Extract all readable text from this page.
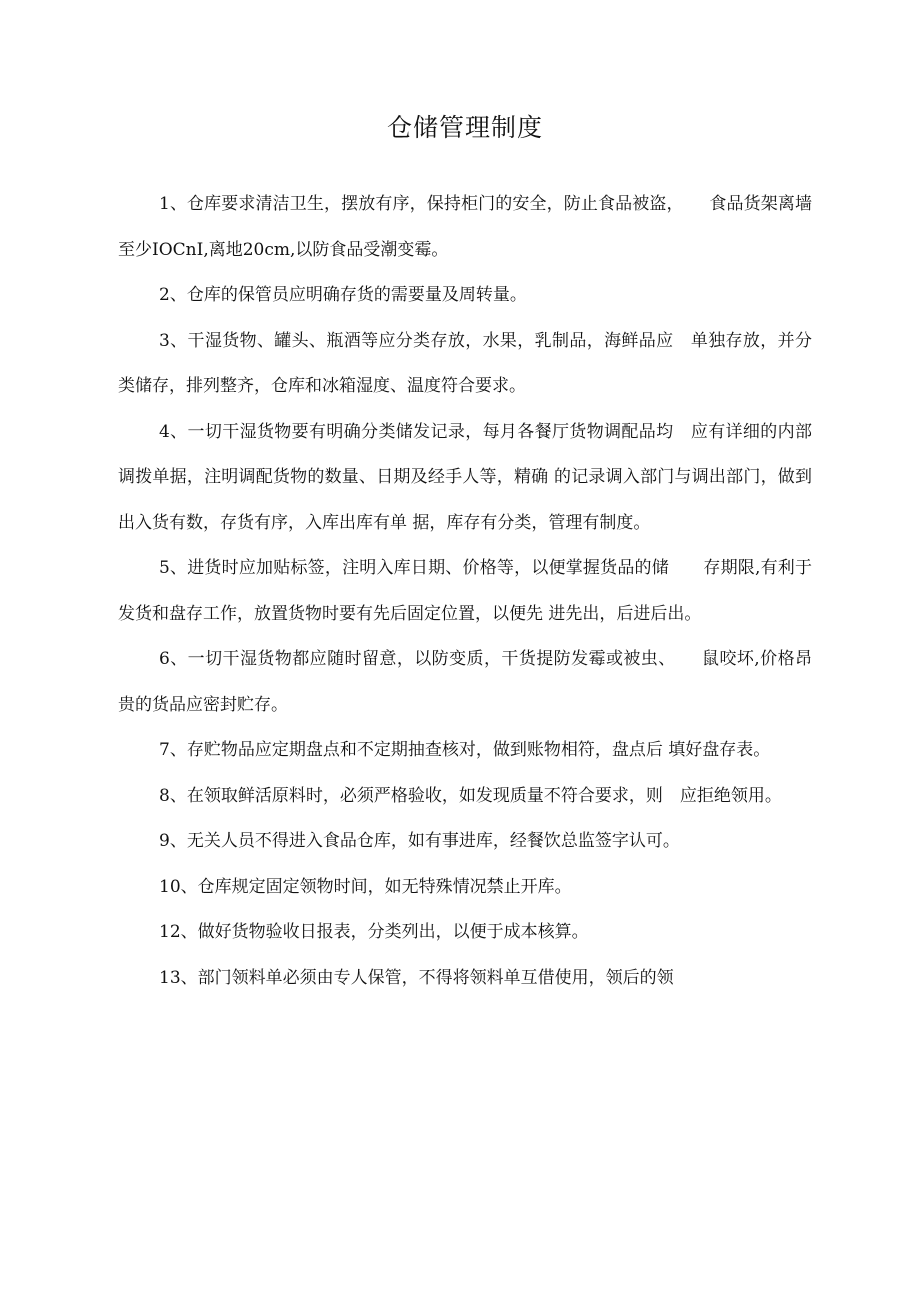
仓储管理制度

1、仓库要求清洁卫生，摆放有序，保持柜门的安全，防止食品被盗，　　食品货架离墙至少IOCnI,离地20cm,以防食品受潮变霉。

2、仓库的保管员应明确存货的需要量及周转量。

3、干湿货物、罐头、瓶酒等应分类存放，水果，乳制品，海鲜品应　单独存放，并分类储存，排列整齐，仓库和冰箱湿度、温度符合要求。

4、一切干湿货物要有明确分类储发记录，每月各餐厅货物调配品均　应有详细的内部调拨单据，注明调配货物的数量、日期及经手人等，精确 的记录调入部门与调出部门，做到出入货有数，存货有序，入库出库有单 据，库存有分类，管理有制度。

5、进货时应加贴标签，注明入库日期、价格等，以便掌握货品的储　　存期限,有利于发货和盘存工作，放置货物时要有先后固定位置，以便先 进先出，后进后出。

6、一切干湿货物都应随时留意，以防变质，干货提防发霉或被虫、　　鼠咬坏,价格昂贵的货品应密封贮存。

7、存贮物品应定期盘点和不定期抽查核对，做到账物相符，盘点后 填好盘存表。

8、在领取鲜活原料时，必须严格验收，如发现质量不符合要求，则　应拒绝领用。

9、无关人员不得进入食品仓库，如有事进库，经餐饮总监签字认可。

10、仓库规定固定领物时间，如无特殊情况禁止开库。

12、做好货物验收日报表，分类列出，以便于成本核算。

13、部门领料单必须由专人保管，不得将领料单互借使用，领后的领
